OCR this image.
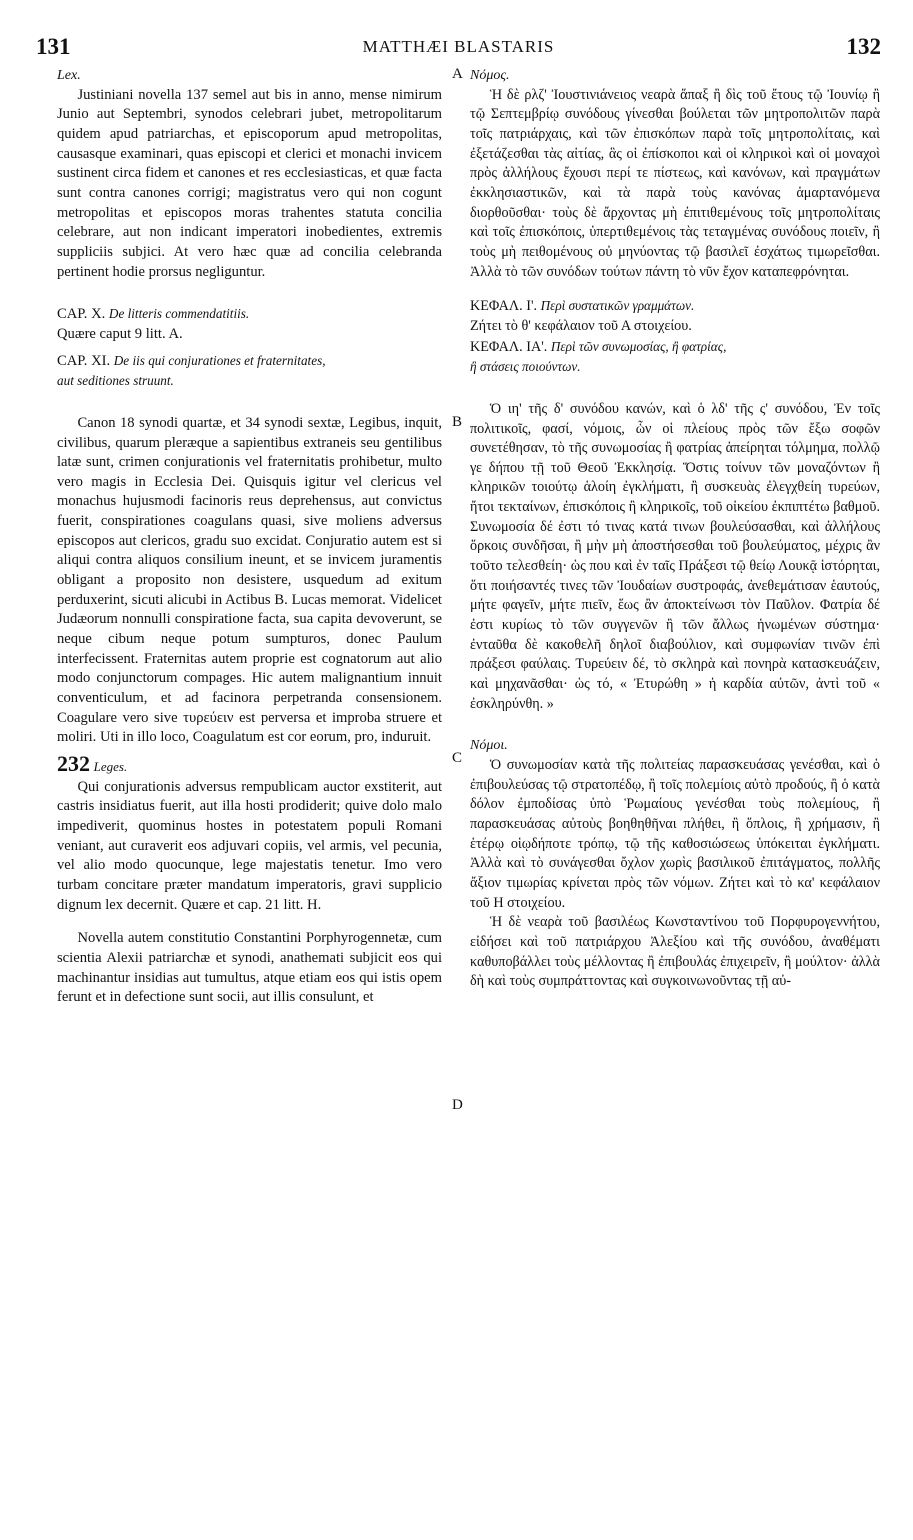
131	MATTHÆI BLASTARIS	132
A
B
C
D

Lex.

Justiniani novella 137 semel aut bis in anno, mense nimirum Junio aut Septembri, synodos celebrari jubet, metropolitarum quidem apud patriarchas, et episcoporum apud metropolitas, causasque examinari, quas episcopi et clerici et monachi invicem sustinent circa fidem et canones et res ecclesiasticas, et quæ facta sunt contra canones corrigi; magistratus vero qui non cogunt metropolitas et episcopos moras trahentes statuta concilia celebrare, aut non indicant imperatori inobedientes, extremis suppliciis subjici. At vero hæc quæ ad concilia celebranda pertinent hodie prorsus negliguntur.

CAP. X. De litteris commendatitiis.

Quære caput 9 litt. A.

CAP. XI. De iis qui conjurationes et fraternitates,
aut seditiones struunt.

Canon 18 synodi quartæ, et 34 synodi sextæ, Legibus, inquit, civilibus, quarum pleræque a sapientibus extraneis seu gentilibus latæ sunt, crimen conjurationis vel fraternitatis prohibetur, multo vero magis in Ecclesia Dei. Quisquis igitur vel clericus vel monachus hujusmodi facinoris reus deprehensus, aut convictus fuerit, conspirationes coagulans quasi, sive moliens adversus episcopos aut clericos, gradu suo excidat. Conjuratio autem est si aliqui contra aliquos consilium ineunt, et se invicem juramentis obligant a proposito non desistere, usquedum ad exitum perduxerint, sicuti alicubi in Actibus B. Lucas memorat. Videlicet Judæorum nonnulli conspiratione facta, sua capita devoverunt, se neque cibum neque potum sumpturos, donec Paulum interfecissent. Fraternitas autem proprie est cognatorum aut alio modo conjunctorum compages. Hic autem malignantium innuit conventiculum, et ad facinora perpetranda consensionem. Coagulare vero sive τυρεύειν est perversa et improba struere et moliri. Uti in illo loco, Coagulatum est cor eorum, pro, induruit.

232 Leges.

Qui conjurationis adversus rempublicam auctor exstiterit, aut castris insidiatus fuerit, aut illa hosti prodiderit; quive dolo malo impediverit, quominus hostes in potestatem populi Romani veniant, aut curaverit eos adjuvari copiis, vel armis, vel pecunia, vel alio modo quocunque, lege majestatis tenetur. Imo vero turbam concitare præter mandatum imperatoris, gravi supplicio dignum lex decernit. Quære et cap. 21 litt. H.

Novella autem constitutio Constantini Porphyrogennetæ, cum scientia Alexii patriarchæ et synodi, anathemati subjicit eos qui machinantur insidias aut tumultus, atque etiam eos qui istis opem ferunt et in defectione sunt socii, aut illis consulunt, et

Νόμος.

Ἡ δὲ ρλζ' Ἰουστινιάνειος νεαρὰ ἅπαξ ἢ δὶς τοῦ ἔτους τῷ Ἰουνίῳ ἢ τῷ Σεπτεμβρίῳ συνόδους γίνεσθαι βούλεται τῶν μητροπολιτῶν παρὰ τοῖς πατριάρχαις, καὶ τῶν ἐπισκόπων παρὰ τοῖς μητροπολίταις, καὶ ἐξετάζεσθαι τὰς αἰτίας, ἃς οἱ ἐπίσκοποι καὶ οἱ κληρικοὶ καὶ οἱ μοναχοὶ πρὸς ἀλλήλους ἔχουσι περί τε πίστεως, καὶ κανόνων, καὶ πραγμάτων ἐκκλησιαστικῶν, καὶ τὰ παρὰ τοὺς κανόνας ἁμαρτανόμενα διορθοῦσθαι· τοὺς δὲ ἄρχοντας μὴ ἐπιτιθεμένους τοῖς μητροπολίταις καὶ τοῖς ἐπισκόποις, ὑπερτιθεμένοις τὰς τεταγμένας συνόδους ποιεῖν, ἢ τοὺς μὴ πειθομένους οὐ μηνύοντας τῷ βασιλεῖ ἐσχάτως τιμωρεῖσθαι. Ἀλλὰ τὸ τῶν συνόδων τούτων πάντη τὸ νῦν ἔχον καταπεφρόνηται.

ΚΕΦΑΛ. Ι'. Περὶ συστατικῶν γραμμάτων.

Ζήτει τὸ θ' κεφάλαιον τοῦ Α στοιχείου.

ΚΕΦΑΛ. ΙΑ'. Περὶ τῶν συνωμοσίας, ἢ φατρίας,
ἢ στάσεις ποιούντων.

Ὁ ιη' τῆς δ' συνόδου κανών, καὶ ὁ λδ' τῆς ς' συνόδου, Ἐν τοῖς πολιτικοῖς, φασί, νόμοις, ὧν οἱ πλείους πρὸς τῶν ἔξω σοφῶν συνετέθησαν, τὸ τῆς συνωμοσίας ἢ φατρίας ἀπείρηται τόλμημα, πολλῷ γε δήπου τῇ τοῦ Θεοῦ Ἐκκλησίᾳ. Ὅστις τοίνυν τῶν μοναζόντων ἢ κληρικῶν τοιούτῳ ἁλοίη ἐγκλήματι, ἢ συσκευὰς ἐλεγχθείη τυρεύων, ἤτοι τεκταίνων, ἐπισκόποις ἢ κληρικοῖς, τοῦ οἰκείου ἐκπιπτέτω βαθμοῦ. Συνωμοσία δέ ἐστι τό τινας κατά τινων βουλεύσασθαι, καὶ ἀλλήλους ὅρκοις συνδῆσαι, ἢ μὴν μὴ ἀποστήσεσθαι τοῦ βουλεύματος, μέχρις ἂν τοῦτο τελεσθείη· ὡς που καὶ ἐν ταῖς Πράξεσι τῷ θείῳ Λουκᾷ ἱστόρηται, ὅτι ποιήσαντές τινες τῶν Ἰουδαίων συστροφάς, ἀνεθεμάτισαν ἑαυτούς, μήτε φαγεῖν, μήτε πιεῖν, ἕως ἂν ἀποκτείνωσι τὸν Παῦλον. Φατρία δέ ἐστι κυρίως τὸ τῶν συγγενῶν ἢ τῶν ἄλλως ἡνωμένων σύστημα· ἐνταῦθα δὲ κακοθελῆ δηλοῖ διαβούλιον, καὶ συμφωνίαν τινῶν ἐπὶ πράξεσι φαύλαις. Τυρεύειν δέ, τὸ σκληρὰ καὶ πονηρὰ κατασκευάζειν, καὶ μηχανᾶσθαι· ὡς τό, « Ἐτυρώθη » ἡ καρδία αὐτῶν, ἀντὶ τοῦ « ἐσκληρύνθη. »

Νόμοι.

Ὁ συνωμοσίαν κατὰ τῆς πολιτείας παρασκευάσας γενέσθαι, καὶ ὁ ἐπιβουλεύσας τῷ στρατοπέδῳ, ἢ τοῖς πολεμίοις αὐτὸ προδούς, ἢ ὁ κατὰ δόλον ἐμποδίσας ὑπὸ Ῥωμαίους γενέσθαι τοὺς πολεμίους, ἢ παρασκευάσας αὐτοὺς βοηθηθῆναι πλήθει, ἢ ὅπλοις, ἢ χρήμασιν, ἢ ἑτέρῳ οἱῳδήποτε τρόπῳ, τῷ τῆς καθοσιώσεως ὑπόκειται ἐγκλήματι. Ἀλλὰ καὶ τὸ συνάγεσθαι ὄχλον χωρὶς βασιλικοῦ ἐπιτάγματος, πολλῆς ἄξιον τιμωρίας κρίνεται πρὸς τῶν νόμων. Ζήτει καὶ τὸ κα' κεφάλαιον τοῦ Η στοιχείου.

Ἡ δὲ νεαρὰ τοῦ βασιλέως Κωνσταντίνου τοῦ Πορφυρογεννήτου, εἰδήσει καὶ τοῦ πατριάρχου Ἀλεξίου καὶ τῆς συνόδου, ἀναθέματι καθυποβάλλει τοὺς μέλλοντας ἢ ἐπιβουλάς ἐπιχειρεῖν, ἢ μούλτον· ἀλλὰ δὴ καὶ τοὺς συμπράττοντας καὶ συγκοινωνοῦντας τῇ αὐ-
